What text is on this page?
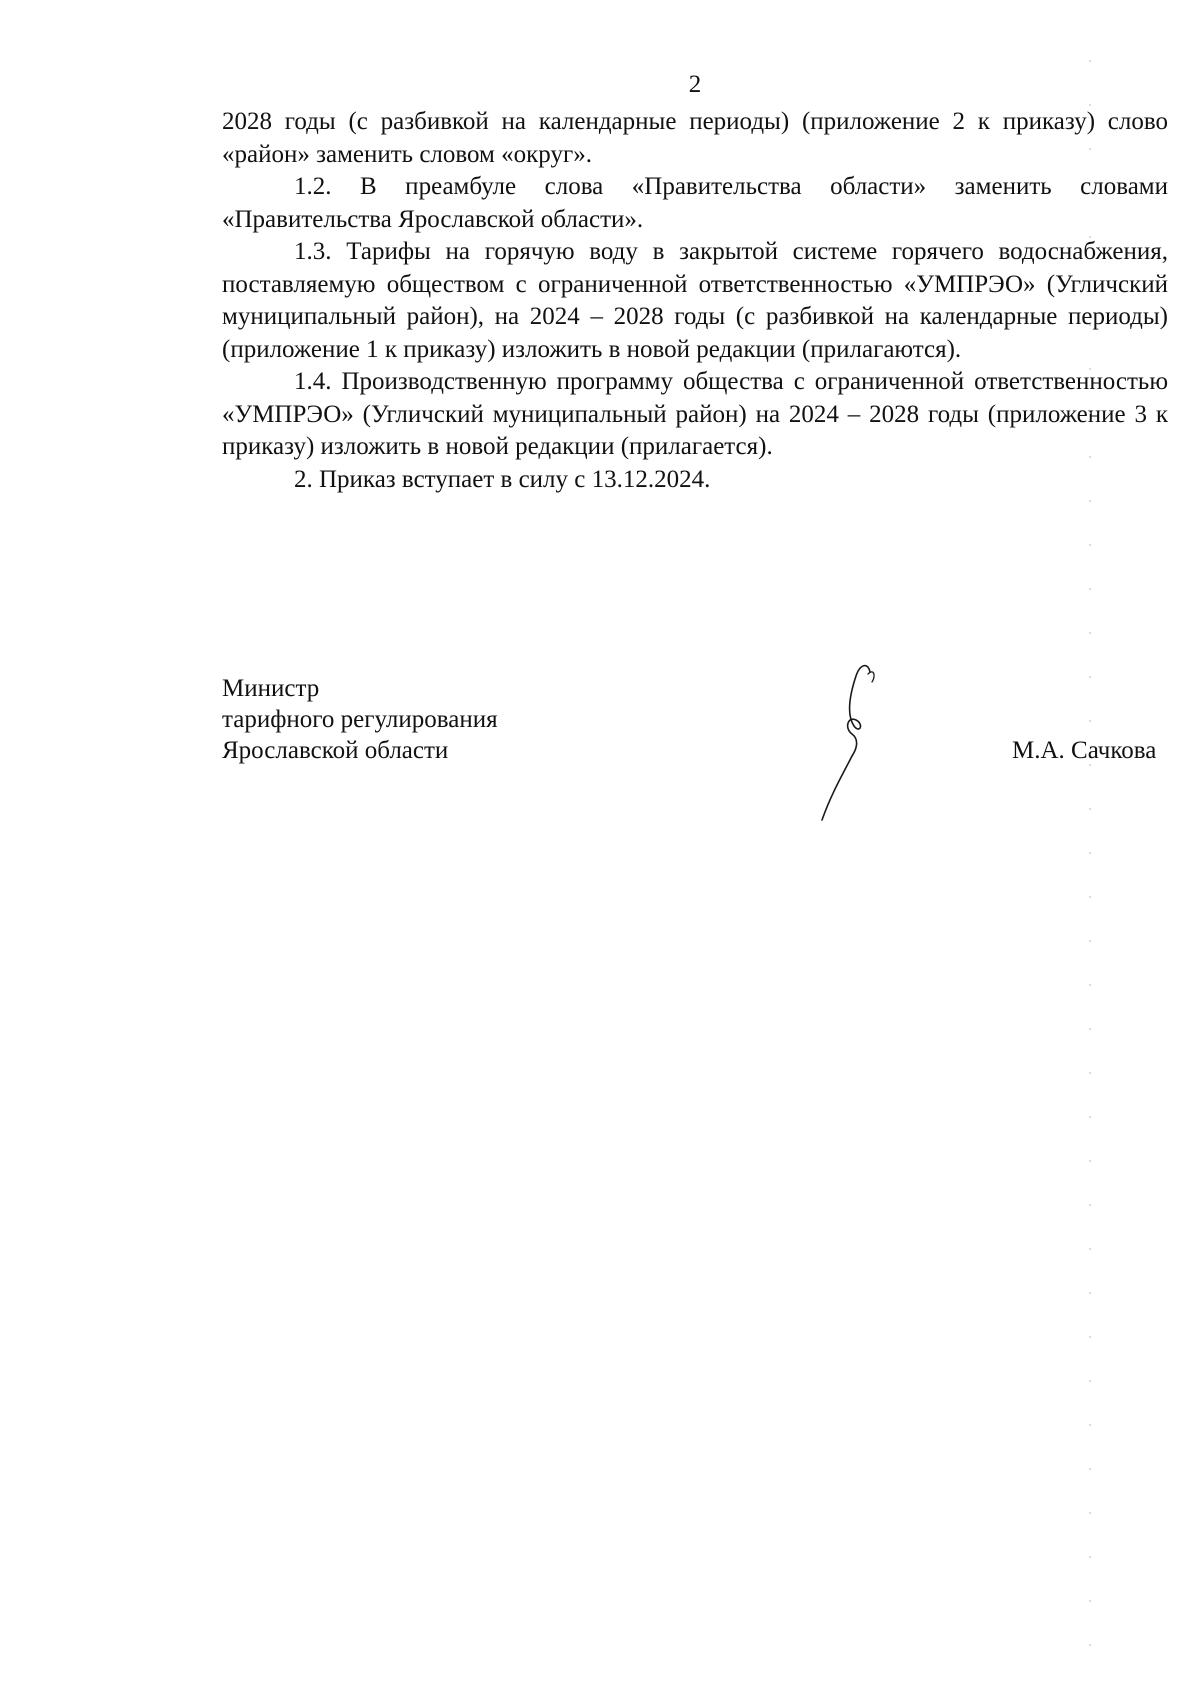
2

2028 годы (с разбивкой на календарные периоды) (приложение 2 к приказу) слово «район» заменить словом «округ».

1.2. В преамбуле слова «Правительства области» заменить словами «Правительства Ярославской области».

1.3. Тарифы на горячую воду в закрытой системе горячего водоснабжения, поставляемую обществом с ограниченной ответственностью «УМПРЭО» (Угличский муниципальный район), на 2024 – 2028 годы (с разбивкой на календарные периоды) (приложение 1 к приказу) изложить в новой редакции (прилагаются).

1.4. Производственную программу общества с ограниченной ответственностью «УМПРЭО» (Угличский муниципальный район) на 2024 – 2028 годы (приложение 3 к приказу) изложить в новой редакции (прилагается).

2. Приказ вступает в силу с 13.12.2024.

Министр
тарифного регулирования
Ярославской области	М.А. Сачкова
